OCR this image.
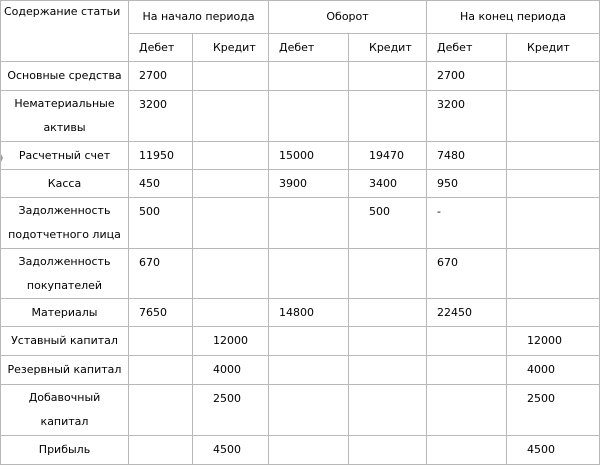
Содержание статьи	На начало периода		Оборот		На конец периода	
	Дебет	Кредит	Дебет	Кредит	Дебет	Кредит
Основные средства	2700				2700	
Нематериальные активы	3200				3200	
Расчетный счет	11950		15000	19470	7480	
Касса	450		3900	3400	950	
Задолженность подотчетного лица	500			500	-	
Задолженность покупателей	670				670	
Материалы	7650		14800		22450	
Уставный капитал		12000				12000
Резервный капитал		4000				4000
Добавочный капитал		2500				2500
Прибыль		4500				4500
